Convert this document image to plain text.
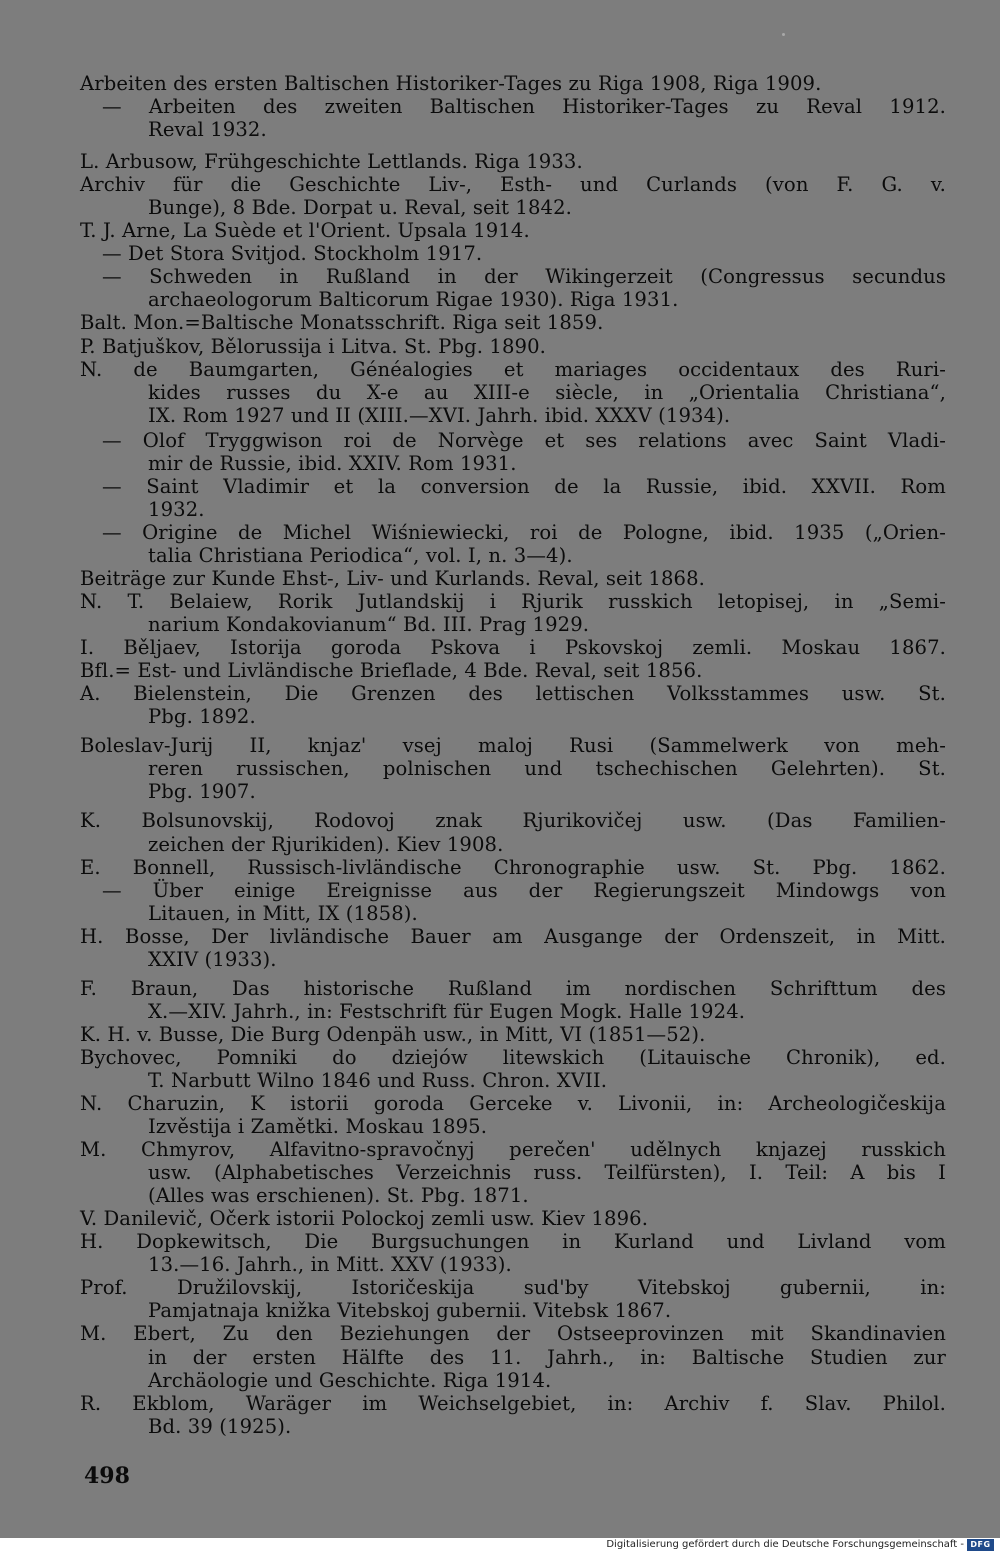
Arbeiten des ersten Baltischen Historiker-Tages zu Riga 1908, Riga 1909.
— Arbeiten des zweiten Baltischen Historiker-Tages zu Reval 1912.
Reval 1932.
L. Arbusow, Frühgeschichte Lettlands. Riga 1933.
Archiv für die Geschichte Liv-, Esth- und Curlands (von F. G. v.
Bunge), 8 Bde. Dorpat u. Reval, seit 1842.
T. J. Arne, La Suède et l'Orient. Upsala 1914.
— Det Stora Svitjod. Stockholm 1917.
— Schweden in Rußland in der Wikingerzeit (Congressus secundus
archaeologorum Balticorum Rigae 1930). Riga 1931.
Balt. Mon.=Baltische Monatsschrift. Riga seit 1859.
P. Batjuškov, Bělorussija i Litva. St. Pbg. 1890.
N. de Baumgarten, Généalogies et mariages occidentaux des Ruri-
kides russes du X-e au XIII-e siècle, in „Orientalia Christiana“,
IX. Rom 1927 und II (XIII.—XVI. Jahrh. ibid. XXXV (1934).
— Olof Tryggwison roi de Norvège et ses relations avec Saint Vladi-
mir de Russie, ibid. XXIV. Rom 1931.
— Saint Vladimir et la conversion de la Russie, ibid. XXVII. Rom
1932.
— Origine de Michel Wiśniewiecki, roi de Pologne, ibid. 1935 („Orien-
talia Christiana Periodica“, vol. I, n. 3—4).
Beiträge zur Kunde Ehst-, Liv- und Kurlands. Reval, seit 1868.
N. T. Belaiew, Rorik Jutlandskij i Rjurik russkich letopisej, in „Semi-
narium Kondakovianum“ Bd. III. Prag 1929.
I. Běljaev, Istorija goroda Pskova i Pskovskoj zemli. Moskau 1867.
Bfl.= Est- und Livländische Brieflade, 4 Bde. Reval, seit 1856.
A. Bielenstein, Die Grenzen des lettischen Volksstammes usw. St.
Pbg. 1892.
Boleslav-Jurij II, knjaz' vsej maloj Rusi (Sammelwerk von meh-
reren russischen, polnischen und tschechischen Gelehrten). St.
Pbg. 1907.
K. Bolsunovskij, Rodovoj znak Rjurikovičej usw. (Das Familien-
zeichen der Rjurikiden). Kiev 1908.
E. Bonnell, Russisch-livländische Chronographie usw. St. Pbg. 1862.
— Über einige Ereignisse aus der Regierungszeit Mindowgs von
Litauen, in Mitt, IX (1858).
H. Bosse, Der livländische Bauer am Ausgange der Ordenszeit, in Mitt.
XXIV (1933).
F. Braun, Das historische Rußland im nordischen Schrifttum des
X.—XIV. Jahrh., in: Festschrift für Eugen Mogk. Halle 1924.
K. H. v. Busse, Die Burg Odenpäh usw., in Mitt, VI (1851—52).
Bychovec, Pomniki do dziejów litewskich (Litauische Chronik), ed.
T. Narbutt Wilno 1846 und Russ. Chron. XVII.
N. Charuzin, K istorii goroda Gerceke v. Livonii, in: Archeologičeskija
Izvěstija i Zamětki. Moskau 1895.
M. Chmyrov, Alfavitno-spravočnyj perečen' udělnych knjazej russkich
usw. (Alphabetisches Verzeichnis russ. Teilfürsten), I. Teil: A bis I
(Alles was erschienen). St. Pbg. 1871.
V. Danilevič, Očerk istorii Polockoj zemli usw. Kiev 1896.
H. Dopkewitsch, Die Burgsuchungen in Kurland und Livland vom
13.—16. Jahrh., in Mitt. XXV (1933).
Prof. Družilovskij, Istoričeskija sud'by Vitebskoj gubernii, in:
Pamjatnaja knižka Vitebskoj gubernii. Vitebsk 1867.
M. Ebert, Zu den Beziehungen der Ostseeprovinzen mit Skandinavien
in der ersten Hälfte des 11. Jahrh., in: Baltische Studien zur
Archäologie und Geschichte. Riga 1914.
R. Ekblom, Waräger im Weichselgebiet, in: Archiv f. Slav. Philol.
Bd. 39 (1925).
498
Digitalisierung gefördert durch die Deutsche Forschungsgemeinschaft - DFG
